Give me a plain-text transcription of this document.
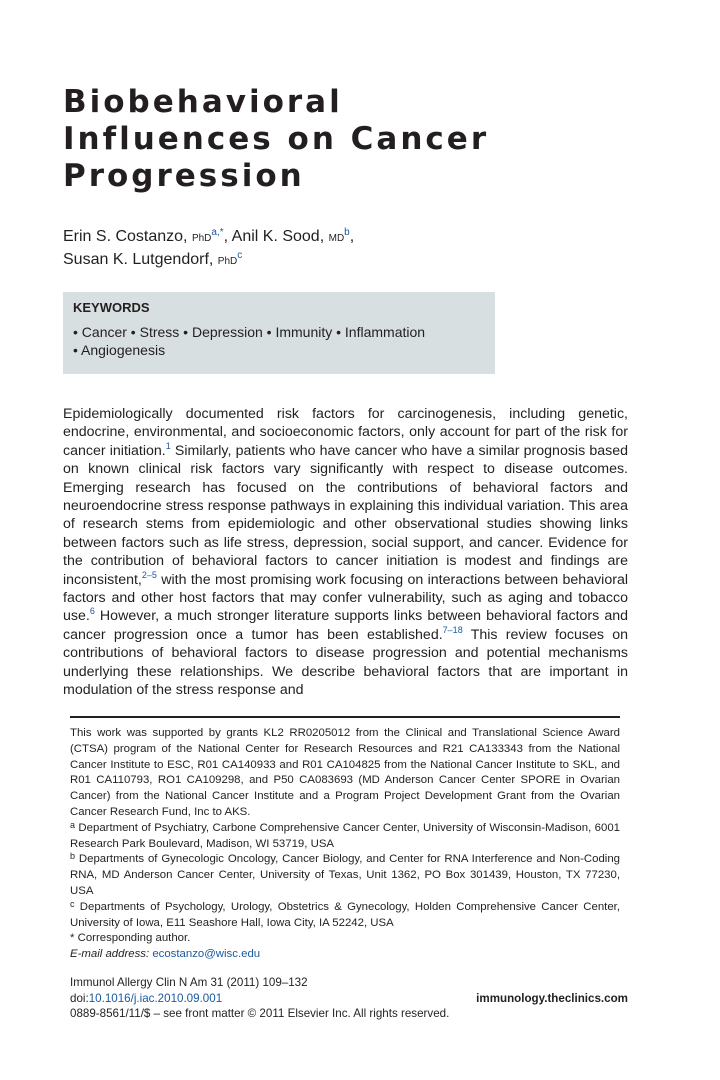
Biobehavioral
Influences on Cancer
Progression
Erin S. Costanzo, PhD$^{a,*}$, Anil K. Sood, $MD^b$,
Susan K. Lutgendorf, PhD$^c$
KEYWORDS
• Cancer • Stress • Depression • Immunity • Inflammation
• Angiogenesis

Epidemiologically documented risk factors for carcinogenesis, including genetic, endocrine, environmental, and socioeconomic factors, only account for part of the risk for cancer initiation.$^1$ Similarly, patients who have cancer who have a similar prognosis based on known clinical risk factors vary significantly with respect to disease outcomes. Emerging research has focused on the contributions of behavioral factors and neuroendocrine stress response pathways in explaining this individual variation. This area of research stems from epidemiologic and other observational studies showing links between factors such as life stress, depression, social support, and cancer. Evidence for the contribution of behavioral factors to cancer initiation is modest and findings are inconsistent,$^{2-5}$ with the most promising work focusing on interactions between behavioral factors and other host factors that may confer vulnerability, such as aging and tobacco use.$^6$ However, a much stronger literature supports links between behavioral factors and cancer progression once a tumor has been established.$^{7-18}$ This review focuses on contributions of behavioral factors to disease progression and potential mechanisms underlying these relationships. We describe behavioral factors that are important in modulation of the stress response and

This work was supported by grants KL2 RR0205012 from the Clinical and Translational Science Award (CTSA) program of the National Center for Research Resources and R21 CA133343 from the National Cancer Institute to ESC, R01 CA140933 and R01 CA104825 from the National Cancer Institute to SKL, and R01 CA110793, RO1 CA109298, and P50 CA083693 (MD Anderson Cancer Center SPORE in Ovarian Cancer) from the National Cancer Institute and a Program Project Development Grant from the Ovarian Cancer Research Fund, Inc to AKS.

$^a$ Department of Psychiatry, Carbone Comprehensive Cancer Center, University of Wisconsin-Madison, 6001 Research Park Boulevard, Madison, WI 53719, USA

$^b$ Departments of Gynecologic Oncology, Cancer Biology, and Center for RNA Interference and Non-Coding RNA, MD Anderson Cancer Center, University of Texas, Unit 1362, PO Box 301439, Houston, TX 77230, USA

$^c$ Departments of Psychology, Urology, Obstetrics & Gynecology, Holden Comprehensive Cancer Center, University of Iowa, E11 Seashore Hall, Iowa City, IA 52242, USA

* Corresponding author.

E-mail address: ecostanzo@wisc.edu

Immunol Allergy Clin N Am 31 (2011) 109–132
doi:10.1016/j.iac.2010.09.001	immunology.theclinics.com
0889-8561/11/$ – see front matter © 2011 Elsevier Inc. All rights reserved.
